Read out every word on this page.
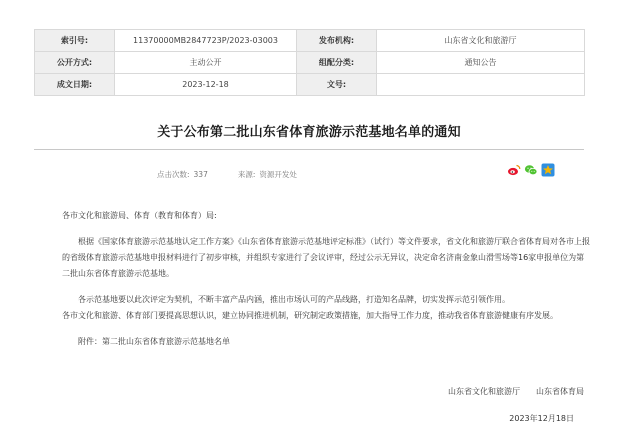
索引号:	11370000MB2847723P/2023-03003	发布机构:	山东省文化和旅游厅
公开方式:	主动公开	组配分类:	通知公告
成文日期:	2023-12-18	文号:	
关于公布第二批山东省体育旅游示范基地名单的通知
点击次数: 337	来源: 资源开发处

各市文化和旅游局、体育（教育和体育）局:

根据《国家体育旅游示范基地认定工作方案》《山东省体育旅游示范基地评定标准》（试行）等文件要求，省文化和旅游厅联合省体育局对各市上报的省级体育旅游示范基地申报材料进行了初步审核，并组织专家进行了会议评审，经过公示无异议，决定命名济南金象山滑雪场等16家申报单位为第二批山东省体育旅游示范基地。

各示范基地要以此次评定为契机，不断丰富产品内涵，推出市场认可的产品线路，打造知名品牌，切实发挥示范引领作用。

各市文化和旅游、体育部门要提高思想认识，建立协同推进机制，研究制定政策措施，加大指导工作力度，推动我省体育旅游健康有序发展。

附件：第二批山东省体育旅游示范基地名单

山东省文化和旅游厅　　山东省体育局
2023年12月18日
